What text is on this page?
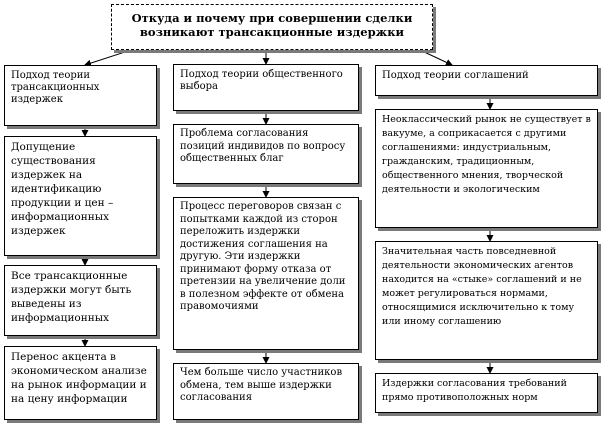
Откуда и почему при совершении сделки возникают трансакционные издержки
Подход теории трансакционных издержек
Допущение существования издержек на идентификацию продукции и цен – информационных издержек
Все трансакционные издержки могут быть выведены из информационных
Перенос акцента в экономическом анализе на рынок информации и на цену информации
Подход теории общественного выбора
Проблема согласования позиций индивидов по вопросу общественных благ
Процесс переговоров связан с попытками каждой из сторон переложить издержки достижения соглашения на другую. Эти издержки принимают форму отказа от претензии на увеличение доли в полезном эффекте от обмена правомочиями
Чем больше число участников обмена, тем выше издержки согласования
Подход теории соглашений
Неоклассический рынок не существует в вакууме, а соприкасается с другими соглашениями: индустриальным, гражданским, традиционным, общественного мнения, творческой деятельности и экологическим
Значительная часть повседневной деятельности экономических агентов находится на «стыке» соглашений и не может регулироваться нормами, относящимися исключительно к тому или иному соглашению
Издержки согласования требований прямо противоположных норм
